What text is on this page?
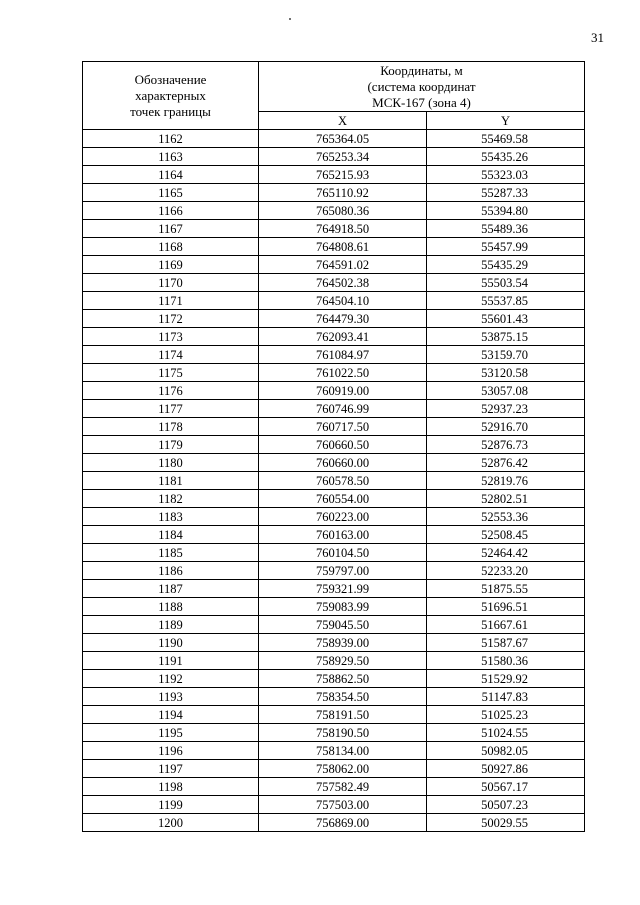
31
Обозначение
характерных
точек границы	Координаты, м
(система координат
МСК-167 (зона 4)	

	X	Y
1162	765364.05	55469.58
1163	765253.34	55435.26
1164	765215.93	55323.03
1165	765110.92	55287.33
1166	765080.36	55394.80
1167	764918.50	55489.36
1168	764808.61	55457.99
1169	764591.02	55435.29
1170	764502.38	55503.54
1171	764504.10	55537.85
1172	764479.30	55601.43
1173	762093.41	53875.15
1174	761084.97	53159.70
1175	761022.50	53120.58
1176	760919.00	53057.08
1177	760746.99	52937.23
1178	760717.50	52916.70
1179	760660.50	52876.73
1180	760660.00	52876.42
1181	760578.50	52819.76
1182	760554.00	52802.51
1183	760223.00	52553.36
1184	760163.00	52508.45
1185	760104.50	52464.42
1186	759797.00	52233.20
1187	759321.99	51875.55
1188	759083.99	51696.51
1189	759045.50	51667.61
1190	758939.00	51587.67
1191	758929.50	51580.36
1192	758862.50	51529.92
1193	758354.50	51147.83
1194	758191.50	51025.23
1195	758190.50	51024.55
1196	758134.00	50982.05
1197	758062.00	50927.86
1198	757582.49	50567.17
1199	757503.00	50507.23
1200	756869.00	50029.55
